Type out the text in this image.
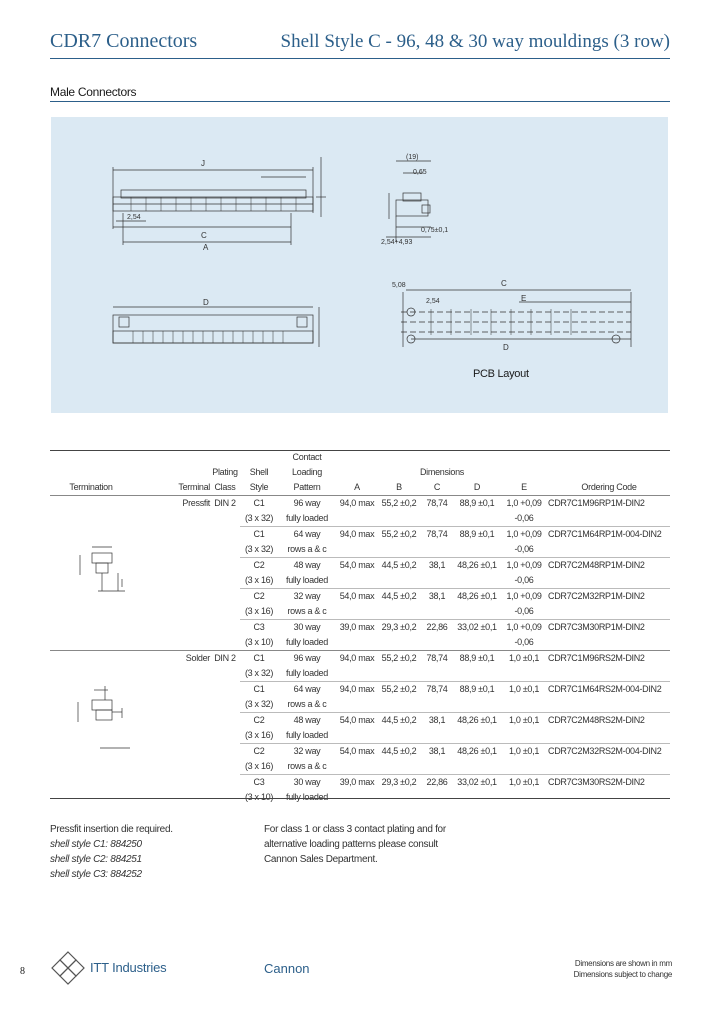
CDR7 Connectors	Shell Style C - 96, 48 & 30 way mouldings (3 row)
Male Connectors
J
C
A
2,54
(19)
0,65
0,75±0,1
2,54+4,93
D
C
E
D
5,08
2,54
PCB Layout
				Contact						
		Plating	Shell	Loading	Dimensions					
Termination	Terminal	Class	Style	Pattern	A	B	C	D	E	Ordering Code
	Pressfit	DIN 2	C1	96 way	94,0 max	55,2 ±0,2	78,74	88,9 ±0,1	1,0 +0,09	CDR7C1M96RP1M-DIN2
			(3 x 32)	fully loaded					-0,06	
			C1	64 way	94,0 max	55,2 ±0,2	78,74	88,9 ±0,1	1,0 +0,09	CDR7C1M64RP1M-004-DIN2
			(3 x 32)	rows a & c					-0,06	
			C2	48 way	54,0 max	44,5 ±0,2	38,1	48,26 ±0,1	1,0 +0,09	CDR7C2M48RP1M-DIN2
			(3 x 16)	fully loaded					-0,06	
			C2	32 way	54,0 max	44,5 ±0,2	38,1	48,26 ±0,1	1,0 +0,09	CDR7C2M32RP1M-DIN2
			(3 x 16)	rows a & c					-0,06	
			C3	30 way	39,0 max	29,3 ±0,2	22,86	33,02 ±0,1	1,0 +0,09	CDR7C3M30RP1M-DIN2
			(3 x 10)	fully loaded					-0,06	
	Solder	DIN 2	C1	96 way	94,0 max	55,2 ±0,2	78,74	88,9 ±0,1	1,0 ±0,1	CDR7C1M96RS2M-DIN2
			(3 x 32)	fully loaded						
			C1	64 way	94,0 max	55,2 ±0,2	78,74	88,9 ±0,1	1,0 ±0,1	CDR7C1M64RS2M-004-DIN2
			(3 x 32)	rows a & c						
			C2	48 way	54,0 max	44,5 ±0,2	38,1	48,26 ±0,1	1,0 ±0,1	CDR7C2M48RS2M-DIN2
			(3 x 16)	fully loaded						
			C2	32 way	54,0 max	44,5 ±0,2	38,1	48,26 ±0,1	1,0 ±0,1	CDR7C2M32RS2M-004-DIN2
			(3 x 16)	rows a & c						
			C3	30 way	39,0 max	29,3 ±0,2	22,86	33,02 ±0,1	1,0 ±0,1	CDR7C3M30RS2M-DIN2
			(3 x 10)	fully loaded						
Pressfit insertion die required.
shell style C1: 884250
shell style C2: 884251
shell style C3: 884252
For class 1 or class 3 contact plating and for
alternative loading patterns please consult
Cannon Sales Department.
8	ITT Industries	Cannon	Dimensions are shown in mm
Dimensions subject to change
